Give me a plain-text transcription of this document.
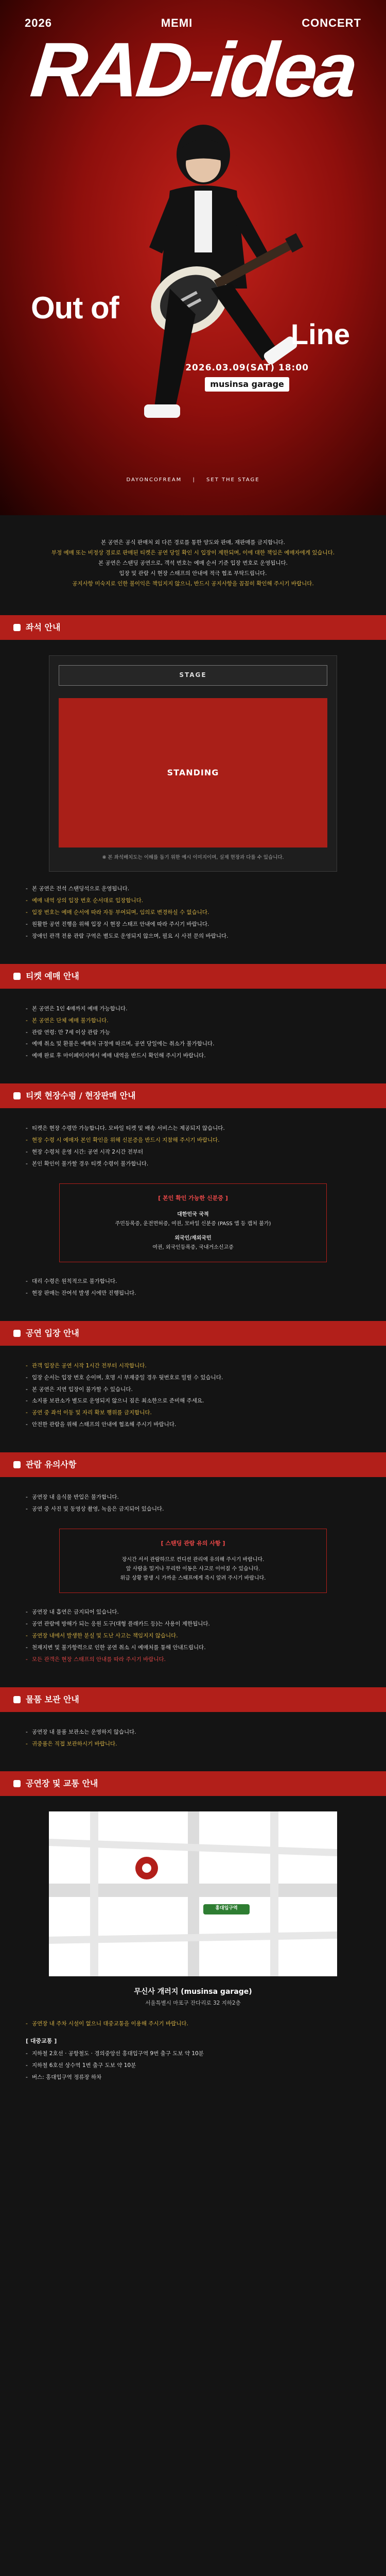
2026	MEMI	CONCERT
RAD-idea
Out of
Line
2026.03.09(SAT) 18:00
musinsa garage
DAYONCOFREAM | SET THE STAGE

본 공연은 공식 판매처 외 다른 경로를 통한 양도와 판매, 재판매를 금지합니다.

부정 예매 또는 비정상 경로로 판매된 티켓은 공연 당일 확인 시 입장이 제한되며, 이에 대한 책임은 예매자에게 있습니다.

본 공연은 스탠딩 공연으로, 객석 번호는 예매 순서 기준 입장 번호로 운영됩니다.

입장 및 관람 시 현장 스태프의 안내에 적극 협조 부탁드립니다.

공지사항 미숙지로 인한 불이익은 책임지지 않으니, 반드시 공지사항을 꼼꼼히 확인해 주시기 바랍니다.

좌석 안내
STAGE
STANDING
※ 본 좌석배치도는 이해를 돕기 위한 예시 이미지이며, 실제 현장과 다를 수 있습니다.
- 본 공연은 전석 스탠딩석으로 운영됩니다.
- 예매 내역 상의 입장 번호 순서대로 입장합니다.
- 입장 번호는 예매 순서에 따라 자동 부여되며, 임의로 변경하실 수 없습니다.
- 원활한 공연 진행을 위해 입장 시 현장 스태프 안내에 따라 주시기 바랍니다.
- 장애인 관객 전용 관람 구역은 별도로 운영되지 않으며, 필요 시 사전 문의 바랍니다.
티켓 예매 안내
- 본 공연은 1인 4매까지 예매 가능합니다.
- 본 공연은 단체 예매 불가합니다.
- 관람 연령: 만 7세 이상 관람 가능
- 예매 취소 및 환불은 예매처 규정에 따르며, 공연 당일에는 취소가 불가합니다.
- 예매 완료 후 마이페이지에서 예매 내역을 반드시 확인해 주시기 바랍니다.
티켓 현장수령 / 현장판매 안내
- 티켓은 현장 수령만 가능합니다. 모바일 티켓 및 배송 서비스는 제공되지 않습니다.
- 현장 수령 시 예매자 본인 확인을 위해 신분증을 반드시 지참해 주시기 바랍니다.
- 현장 수령처 운영 시간: 공연 시작 2시간 전부터
- 본인 확인이 불가할 경우 티켓 수령이 불가합니다.
[ 본인 확인 가능한 신분증 ]

대한민국 국적

주민등록증, 운전면허증, 여권, 모바일 신분증 (PASS 앱 등 캡처 불가)

외국인/재외국민

여권, 외국인등록증, 국내거소신고증

- 대리 수령은 원칙적으로 불가합니다.
- 현장 판매는 잔여석 발생 시에만 진행됩니다.
공연 입장 안내
- 관객 입장은 공연 시작 1시간 전부터 시작합니다.
- 입장 순서는 입장 번호 순이며, 호명 시 부재중일 경우 뒷번호로 밀릴 수 있습니다.
- 본 공연은 지연 입장이 불가할 수 있습니다.
- 소지품 보관소가 별도로 운영되지 않으니 짐은 최소한으로 준비해 주세요.
- 공연 중 좌석 이동 및 자리 확보 행위를 금지합니다.
- 안전한 관람을 위해 스태프의 안내에 협조해 주시기 바랍니다.
관람 유의사항
- 공연장 내 음식물 반입은 불가합니다.
- 공연 중 사진 및 동영상 촬영, 녹음은 금지되어 있습니다.
[ 스탠딩 관람 유의 사항 ]

장시간 서서 관람하므로 컨디션 관리에 유의해 주시기 바랍니다.

앞 사람을 밀거나 무리한 이동은 사고로 이어질 수 있습니다.

위급 상황 발생 시 가까운 스태프에게 즉시 알려 주시기 바랍니다.

- 공연장 내 흡연은 금지되어 있습니다.
- 공연 관람에 방해가 되는 응원 도구(대형 플래카드 등)는 사용이 제한됩니다.
- 공연장 내에서 발생한 분실 및 도난 사고는 책임지지 않습니다.
- 천재지변 및 불가항력으로 인한 공연 취소 시 예매처를 통해 안내드립니다.
- 모든 관객은 현장 스태프의 안내를 따라 주시기 바랍니다.
물품 보관 안내
- 공연장 내 물품 보관소는 운영하지 않습니다.
- 귀중품은 직접 보관하시기 바랍니다.
공연장 및 교통 안내
홍대입구역
무신사 개러지 (musinsa garage)
서울특별시 마포구 잔다리로 32 지하2층
- 공연장 내 주차 시설이 없으니 대중교통을 이용해 주시기 바랍니다.
[ 대중교통 ]
- 지하철 2호선 · 공항철도 · 경의중앙선 홍대입구역 9번 출구 도보 약 10분
- 지하철 6호선 상수역 1번 출구 도보 약 10분
- 버스: 홍대입구역 정류장 하차
